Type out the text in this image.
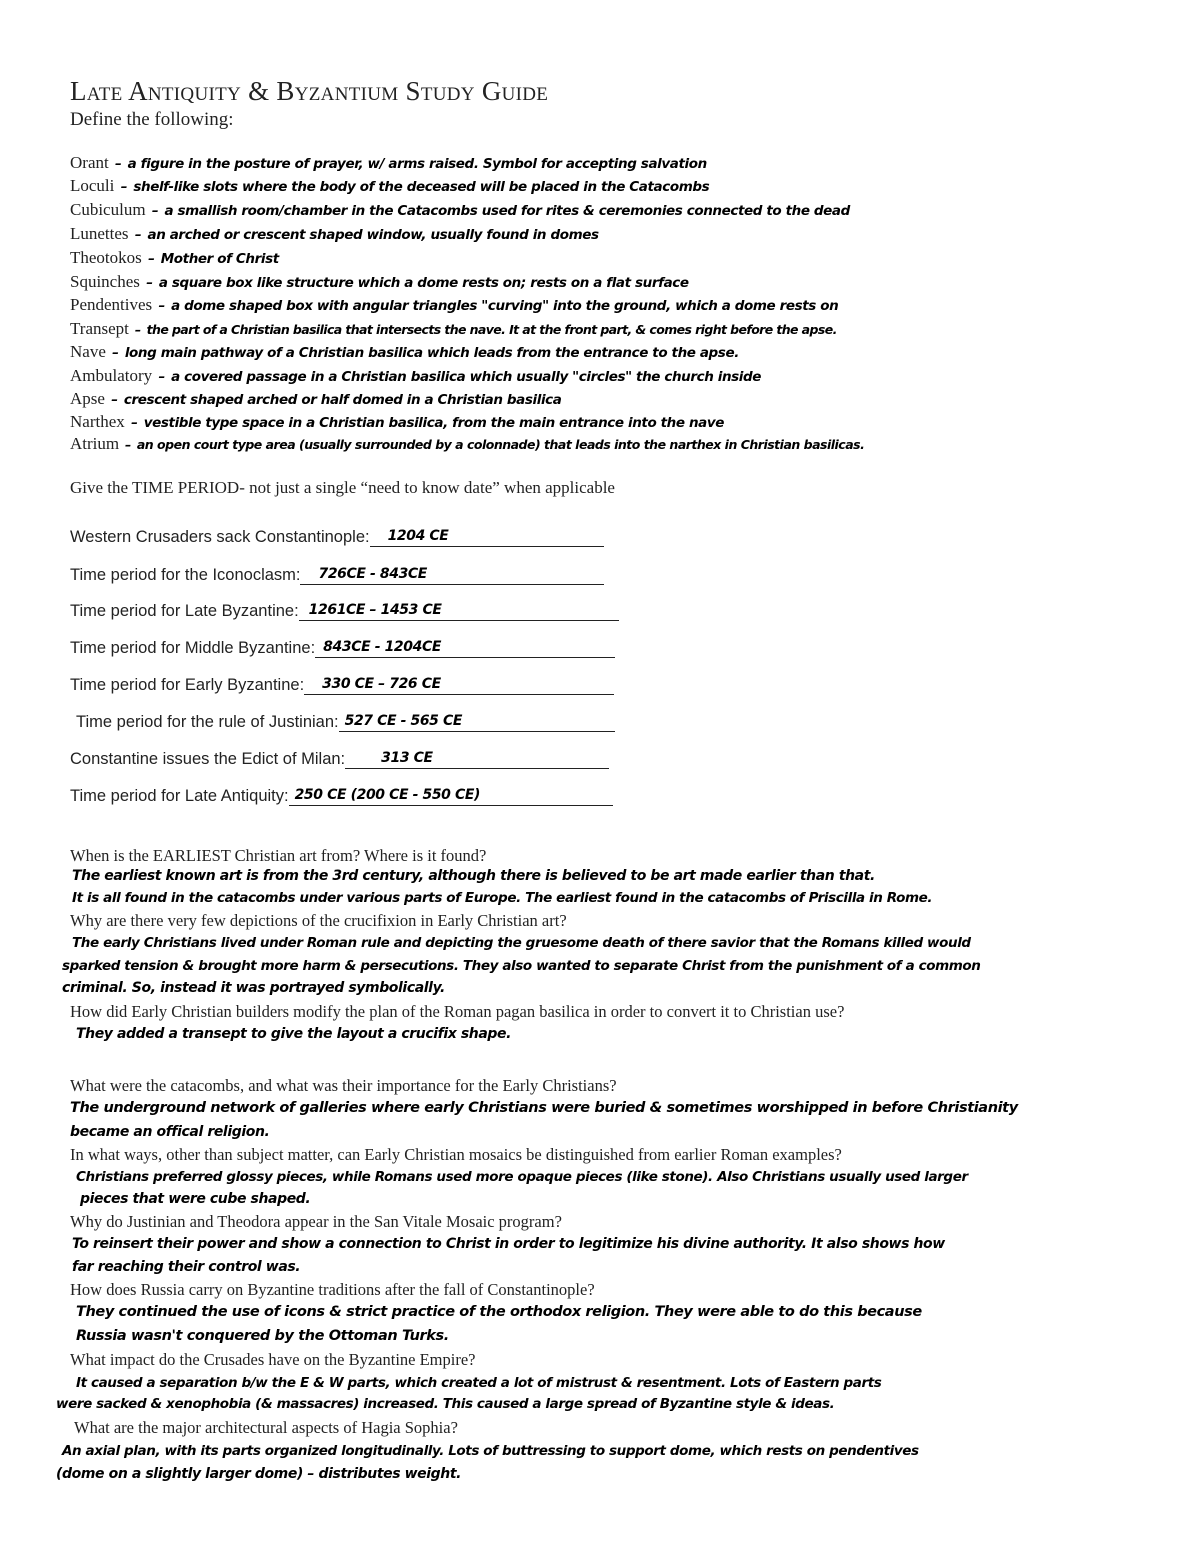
Late Antiquity & Byzantium Study Guide
Define the following:
Orant – a figure in the posture of prayer, w/ arms raised. Symbol for accepting salvation
Loculi – shelf-like slots where the body of the deceased will be placed in the Catacombs
Cubiculum – a smallish room/chamber in the Catacombs used for rites & ceremonies connected to the dead
Lunettes – an arched or crescent shaped window, usually found in domes
Theotokos – Mother of Christ
Squinches – a square box like structure which a dome rests on; rests on a flat surface
Pendentives – a dome shaped box with angular triangles "curving" into the ground, which a dome rests on
Transept – the part of a Christian basilica that intersects the nave. It at the front part, & comes right before the apse.
Nave – long main pathway of a Christian basilica which leads from the entrance to the apse.
Ambulatory – a covered passage in a Christian basilica which usually "circles" the church inside
Apse – crescent shaped arched or half domed in a Christian basilica
Narthex – vestible type space in a Christian basilica, from the main entrance into the nave
Atrium – an open court type area (usually surrounded by a colonnade) that leads into the narthex in Christian basilicas.
Give the TIME PERIOD- not just a single “need to know date” when applicable
Western Crusaders sack Constantinople: 1204 CE
Time period for the Iconoclasm: 726CE - 843CE
Time period for Late Byzantine: 1261CE – 1453 CE
Time period for Middle Byzantine: 843CE - 1204CE
Time period for Early Byzantine: 330 CE – 726 CE
Time period for the rule of Justinian: 527 CE - 565 CE
Constantine issues the Edict of Milan:	313 CE
Time period for Late Antiquity: 250 CE (200 CE - 550 CE)
When is the EARLIEST Christian art from? Where is it found?
The earliest known art is from the 3rd century, although there is believed to be art made earlier than that.
It is all found in the catacombs under various parts of Europe. The earliest found in the catacombs of Priscilla in Rome.
Why are there very few depictions of the crucifixion in Early Christian art?
The early Christians lived under Roman rule and depicting the gruesome death of there savior that the Romans killed would
sparked tension & brought more harm & persecutions. They also wanted to separate Christ from the punishment of a common
criminal. So, instead it was portrayed symbolically.
How did Early Christian builders modify the plan of the Roman pagan basilica in order to convert it to Christian use?
They added a transept to give the layout a crucifix shape.
What were the catacombs, and what was their importance for the Early Christians?
The underground network of galleries where early Christians were buried & sometimes worshipped in before Christianity
became an offical religion.
In what ways, other than subject matter, can Early Christian mosaics be distinguished from earlier Roman examples?
Christians preferred glossy pieces, while Romans used more opaque pieces (like stone). Also Christians usually used larger
pieces that were cube shaped.
Why do Justinian and Theodora appear in the San Vitale Mosaic program?
To reinsert their power and show a connection to Christ in order to legitimize his divine authority. It also shows how
far reaching their control was.
How does Russia carry on Byzantine traditions after the fall of Constantinople?
They continued the use of icons & strict practice of the orthodox religion. They were able to do this because
Russia wasn't conquered by the Ottoman Turks.
What impact do the Crusades have on the Byzantine Empire?
It caused a separation b/w the E & W parts, which created a lot of mistrust & resentment. Lots of Eastern parts
were sacked & xenophobia (& massacres) increased. This caused a large spread of Byzantine style & ideas.
What are the major architectural aspects of Hagia Sophia?
An axial plan, with its parts organized longitudinally. Lots of buttressing to support dome, which rests on pendentives
(dome on a slightly larger dome) – distributes weight.
